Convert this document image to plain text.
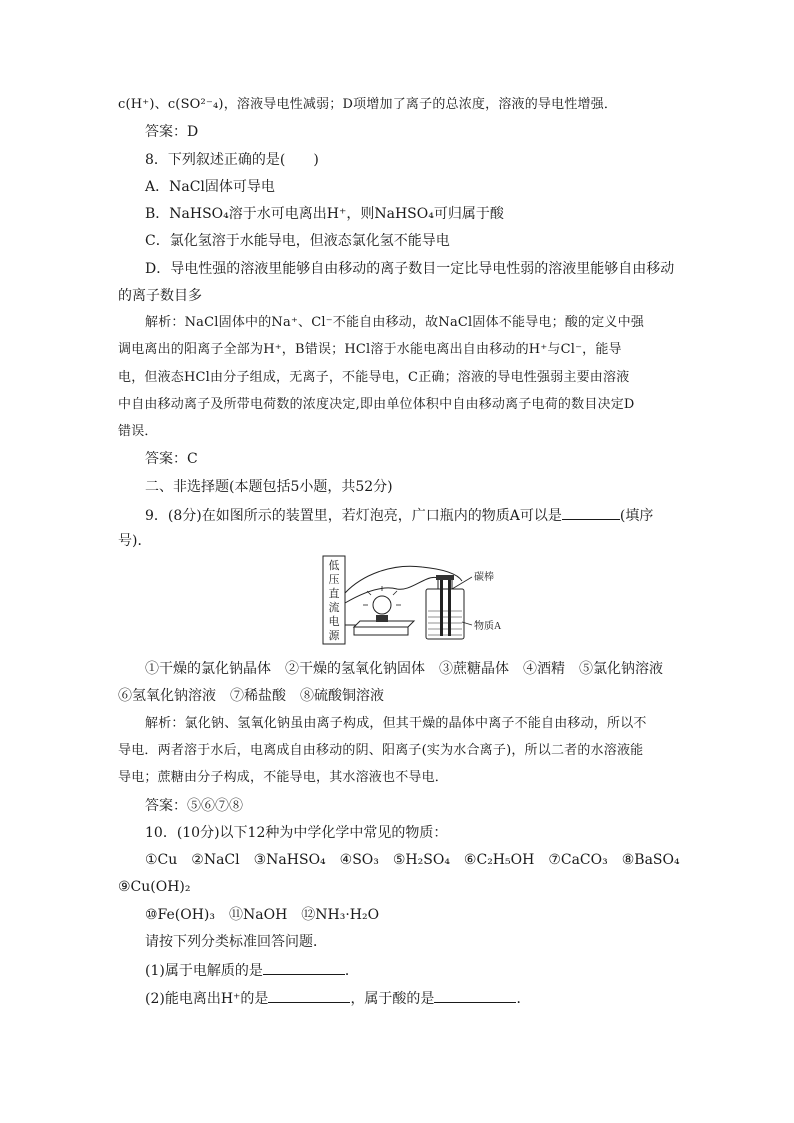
c(H⁺)、c(SO²⁻₄)，溶液导电性减弱；D项增加了离子的总浓度，溶液的导电性增强．
答案：D
8．下列叙述正确的是(　　)
A．NaCl固体可导电
B．NaHSO₄溶于水可电离出H⁺，则NaHSO₄可归属于酸
C．氯化氢溶于水能导电，但液态氯化氢不能导电
D．导电性强的溶液里能够自由移动的离子数目一定比导电性弱的溶液里能够自由移动
的离子数目多
解析：NaCl固体中的Na⁺、Cl⁻不能自由移动，故NaCl固体不能导电；酸的定义中强
调电离出的阳离子全部为H⁺，B错误；HCl溶于水能电离出自由移动的H⁺与Cl⁻，能导
电，但液态HCl由分子组成，无离子，不能导电，C正确；溶液的导电性强弱主要由溶液
中自由移动离子及所带电荷数的浓度决定,即由单位体积中自由移动离子电荷的数目决定D
错误．
答案：C
二、非选择题(本题包括5小题，共52分)
9．(8分)在如图所示的装置里，若灯泡亮，广口瓶内的物质A可以是	(填序
号)．
低
压
直
流
电
源
碳棒
物质A
①干燥的氯化钠晶体　②干燥的氢氧化钠固体　③蔗糖晶体　④酒精　⑤氯化钠溶液
⑥氢氧化钠溶液　⑦稀盐酸　⑧硫酸铜溶液
解析：氯化钠、氢氧化钠虽由离子构成，但其干燥的晶体中离子不能自由移动，所以不
导电．两者溶于水后，电离成自由移动的阴、阳离子(实为水合离子)，所以二者的水溶液能
导电；蔗糖由分子构成，不能导电，其水溶液也不导电．
答案：⑤⑥⑦⑧
10．(10分)以下12种为中学化学中常见的物质：
①Cu　②NaCl　③NaHSO₄　④SO₃　⑤H₂SO₄　⑥C₂H₅OH　⑦CaCO₃　⑧BaSO₄
⑨Cu(OH)₂
⑩Fe(OH)₃　⑪NaOH　⑫NH₃·H₂O
请按下列分类标准回答问题．
(1)属于电解质的是	．
(2)能电离出H⁺的是	，属于酸的是	．
